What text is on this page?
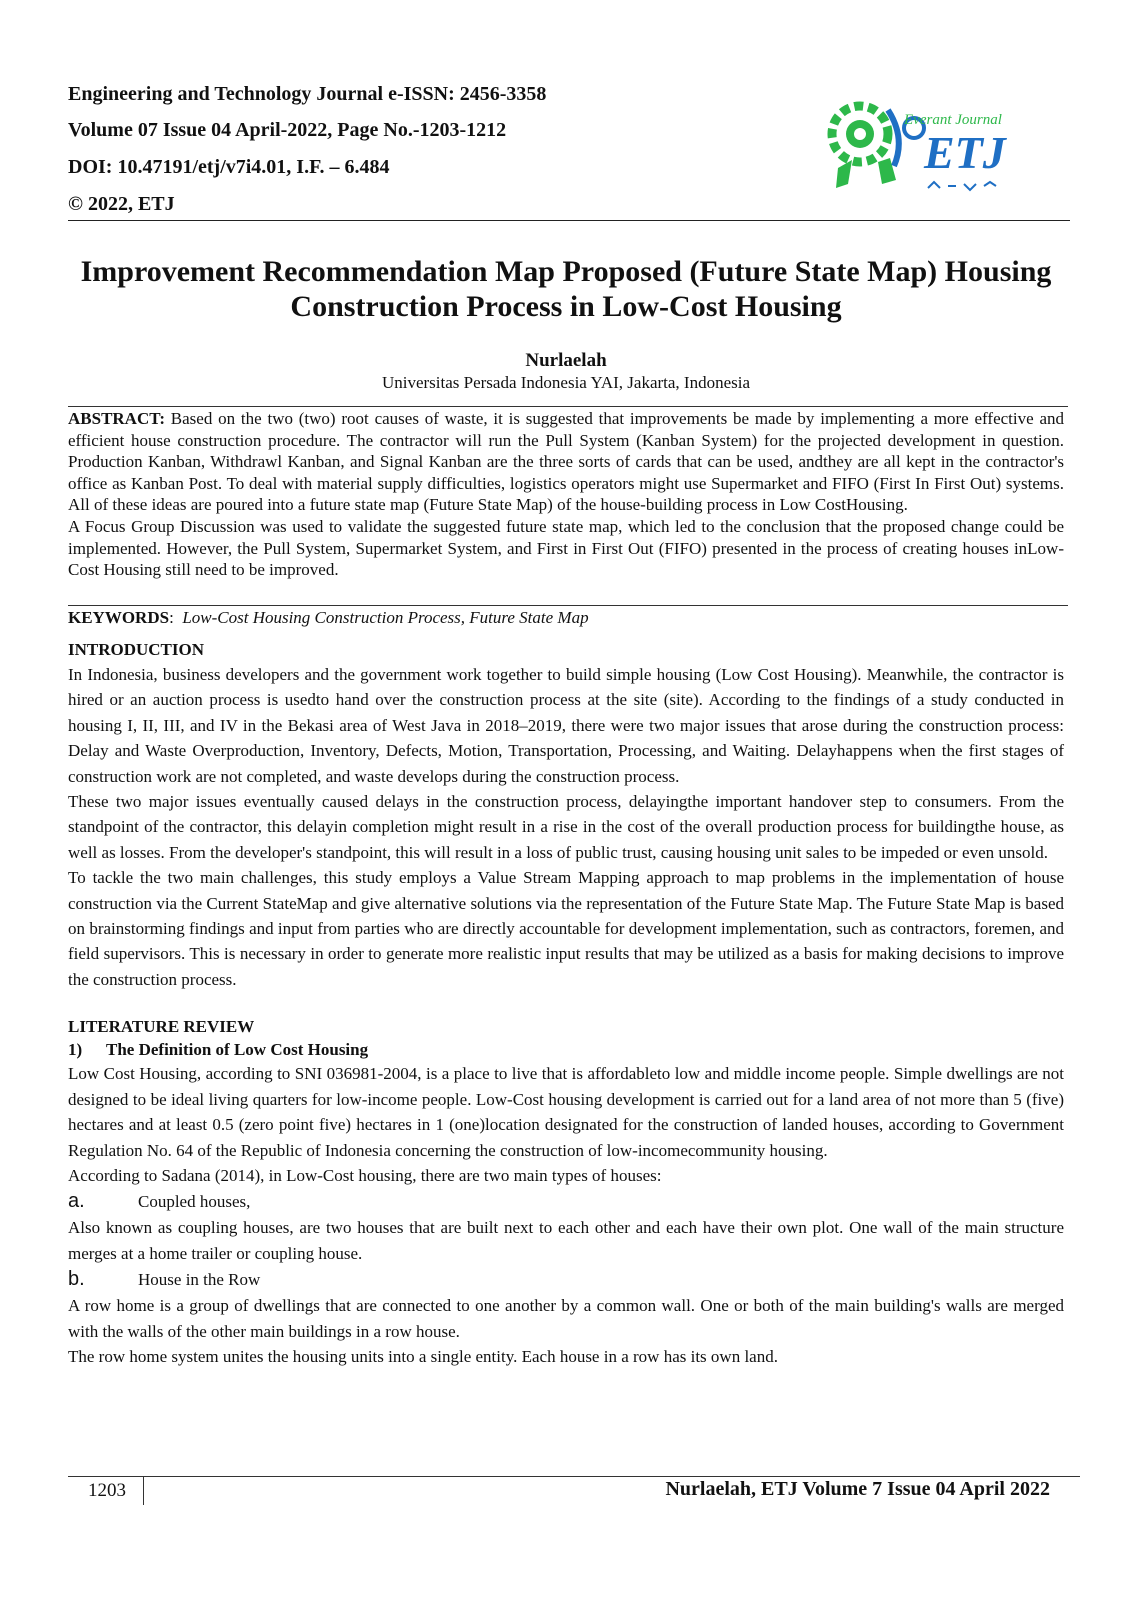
Engineering and Technology Journal e-ISSN: 2456-3358
Volume 07 Issue 04 April-2022, Page No.-1203-1212
DOI: 10.47191/etj/v7i4.01, I.F. – 6.484
© 2022, ETJ
Everant Journal
ETJ
Improvement Recommendation Map Proposed (Future State Map) Housing Construction Process in Low-Cost Housing
Nurlaelah
Universitas Persada Indonesia YAI, Jakarta, Indonesia

ABSTRACT: Based on the two (two) root causes of waste, it is suggested that improvements be made by implementing a more effective and efficient house construction procedure. The contractor will run the Pull System (Kanban System) for the projected development in question. Production Kanban, Withdrawl Kanban, and Signal Kanban are the three sorts of cards that can be used, andthey are all kept in the contractor's office as Kanban Post. To deal with material supply difficulties, logistics operators might use Supermarket and FIFO (First In First Out) systems. All of these ideas are poured into a future state map (Future State Map) of the house-building process in Low CostHousing.

A Focus Group Discussion was used to validate the suggested future state map, which led to the conclusion that the proposed change could be implemented. However, the Pull System, Supermarket System, and First in First Out (FIFO) presented in the process of creating houses inLow-Cost Housing still need to be improved.

KEYWORDS:  Low-Cost Housing Construction Process, Future State Map
INTRODUCTION

In Indonesia, business developers and the government work together to build simple housing (Low Cost Housing). Meanwhile, the contractor is hired or an auction process is usedto hand over the construction process at the site (site). According to the findings of a study conducted in housing I, II, III, and IV in the Bekasi area of West Java in 2018–2019, there were two major issues that arose during the construction process: Delay and Waste Overproduction, Inventory, Defects, Motion, Transportation, Processing, and Waiting. Delayhappens when the first stages of construction work are not completed, and waste develops during the construction process.

These two major issues eventually caused delays in the construction process, delayingthe important handover step to consumers. From the standpoint of the contractor, this delayin completion might result in a rise in the cost of the overall production process for buildingthe house, as well as losses. From the developer's standpoint, this will result in a loss of public trust, causing housing unit sales to be impeded or even unsold.

To tackle the two main challenges, this study employs a Value Stream Mapping approach to map problems in the implementation of house construction via the Current StateMap and give alternative solutions via the representation of the Future State Map. The Future State Map is based on brainstorming findings and input from parties who are directly accountable for development implementation, such as contractors, foremen, and field supervisors. This is necessary in order to generate more realistic input results that may be utilized as a basis for making decisions to improve the construction process.

LITERATURE REVIEW
1) The Definition of Low Cost Housing

Low Cost Housing, according to SNI 036981-2004, is a place to live that is affordableto low and middle income people. Simple dwellings are not designed to be ideal living quarters for low-income people. Low-Cost housing development is carried out for a land area of not more than 5 (five) hectares and at least 0.5 (zero point five) hectares in 1 (one)location designated for the construction of landed houses, according to Government Regulation No. 64 of the Republic of Indonesia concerning the construction of low-incomecommunity housing.

According to Sadana (2014), in Low-Cost housing, there are two main types of houses:

a.	Coupled houses,

Also known as coupling houses, are two houses that are built next to each other and each have their own plot. One wall of the main structure merges at a home trailer or coupling house.

b.	House in the Row

A row home is a group of dwellings that are connected to one another by a common wall. One or both of the main building's walls are merged with the walls of the other main buildings in a row house.

The row home system unites the housing units into a single entity. Each house in a row has its own land.

1203	Nurlaelah, ETJ Volume 7 Issue 04 April 2022
